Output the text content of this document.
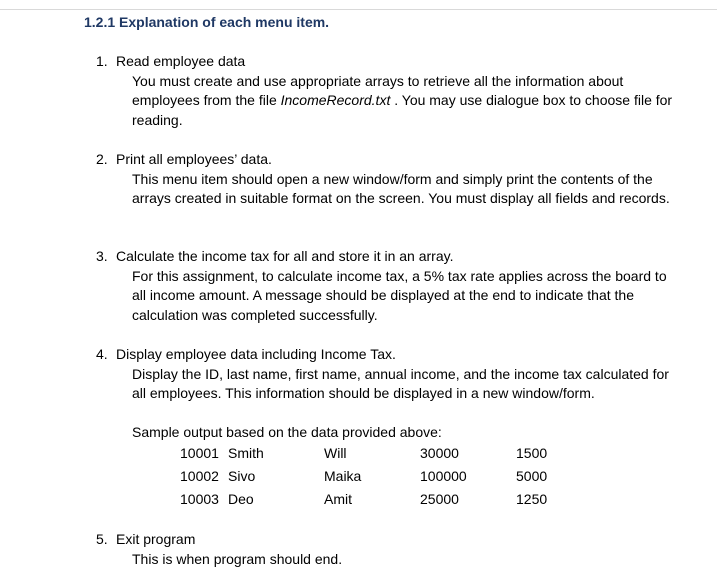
1.2.1 Explanation of each menu item.
1. Read employee data
You must create and use appropriate arrays to retrieve all the information about employees from the file IncomeRecord.txt . You may use dialogue box to choose file for reading.
2. Print all employees’ data.
This menu item should open a new window/form and simply print the contents of the arrays created in suitable format on the screen. You must display all fields and records.
3. Calculate the income tax for all and store it in an array.
For this assignment, to calculate income tax, a 5% tax rate applies across the board to all income amount. A message should be displayed at the end to indicate that the calculation was completed successfully.
4. Display employee data including Income Tax.
Display the ID, last name, first name, annual income, and the income tax calculated for all employees. This information should be displayed in a new window/form.
Sample output based on the data provided above:
10001 Smith	Will	30000	1500
10002 Sivo	Maika	100000	5000
10003 Deo	Amit	25000	1250
5. Exit program
This is when program should end.
